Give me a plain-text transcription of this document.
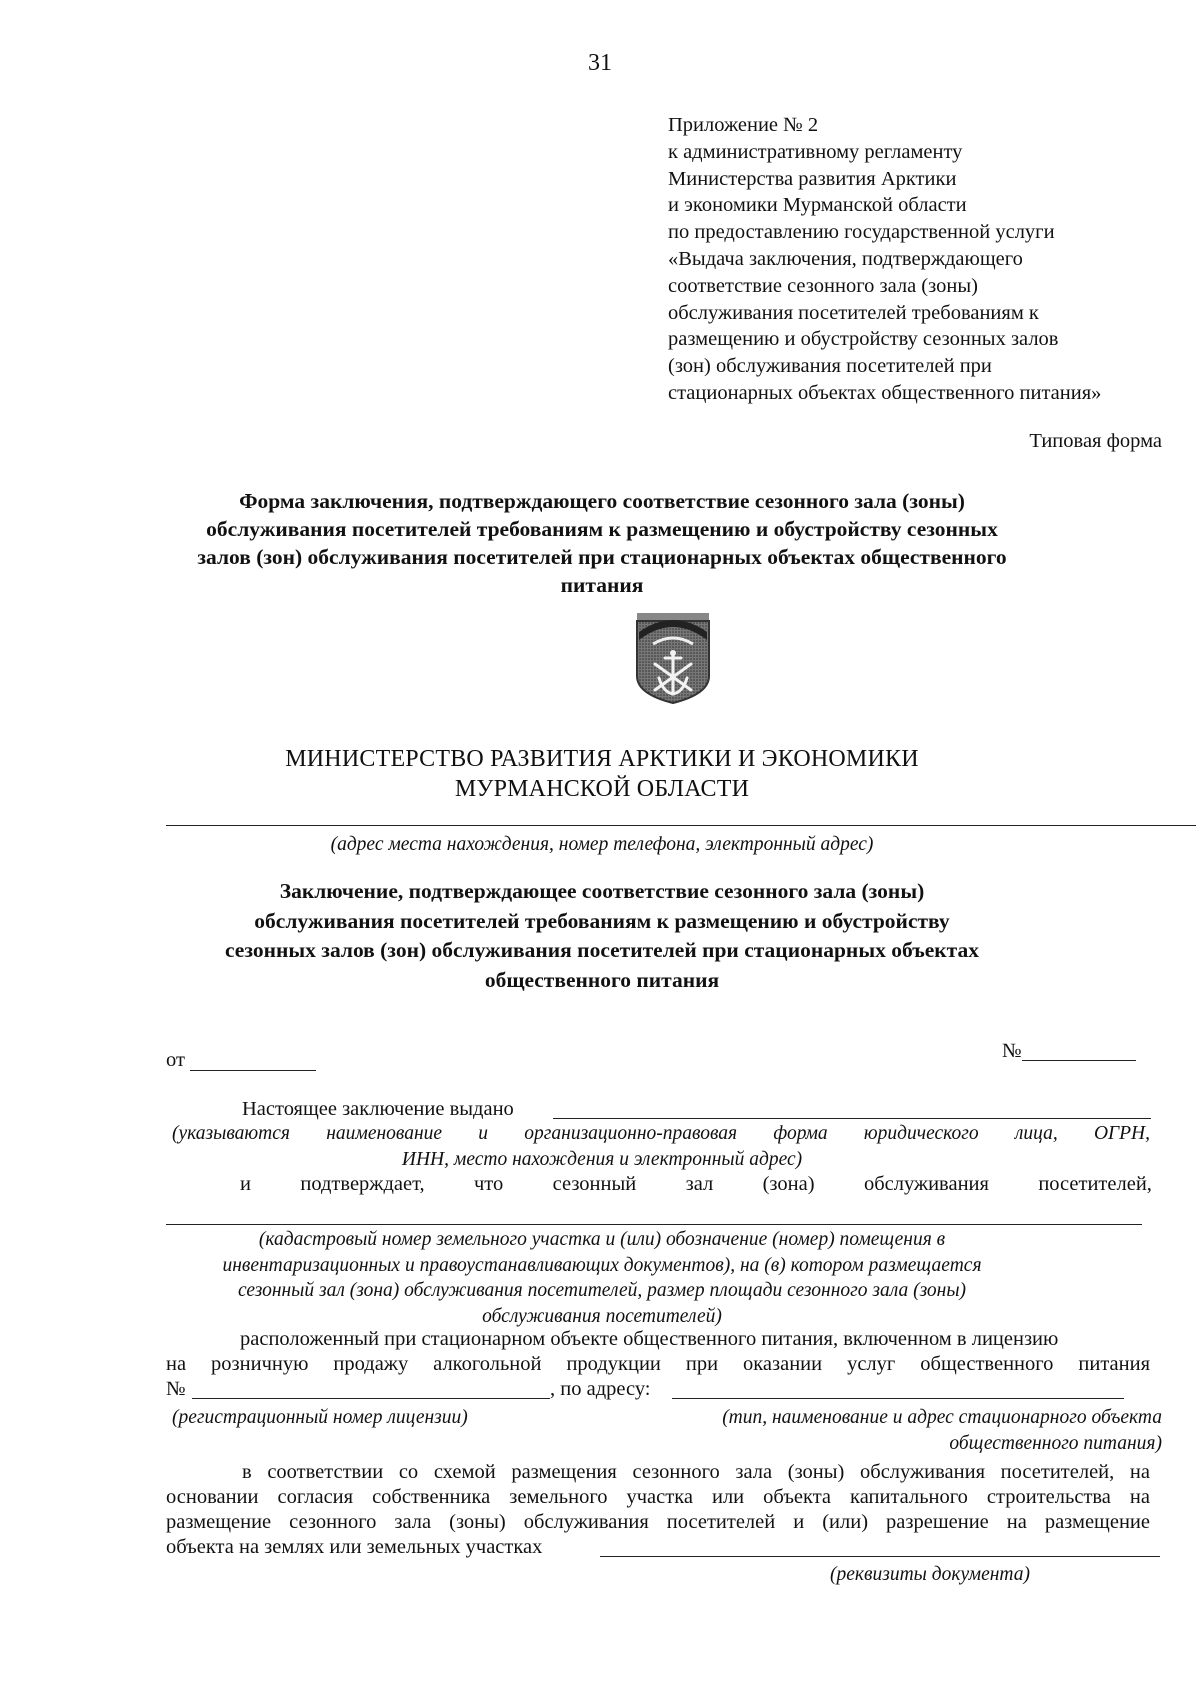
31
Приложение № 2
к административному регламенту
Министерства развития Арктики
и экономики Мурманской области
по предоставлению государственной услуги
«Выдача заключения, подтверждающего
соответствие сезонного зала (зоны)
обслуживания посетителей требованиям к
размещению и обустройству сезонных залов
(зон) обслуживания посетителей при
стационарных объектах общественного питания»
Типовая форма
Форма заключения, подтверждающего соответствие сезонного зала (зоны)
обслуживания посетителей требованиям к размещению и обустройству сезонных
залов (зон) обслуживания посетителей при стационарных объектах общественного
питания
МИНИСТЕРСТВО РАЗВИТИЯ АРКТИКИ И ЭКОНОМИКИ
МУРМАНСКОЙ ОБЛАСТИ
(адрес места нахождения, номер телефона, электронный адрес)
Заключение, подтверждающее соответствие сезонного зала (зоны)
обслуживания посетителей требованиям к размещению и обустройству
сезонных залов (зон) обслуживания посетителей при стационарных объектах
общественного питания
от	№
Настоящее заключение выдано
(указываются наименование и организационно-правовая форма юридического лица, ОГРН,
ИНН, место нахождения и электронный адрес)
и подтверждает, что сезонный зал (зона) обслуживания посетителей,
(кадастровый номер земельного участка и (или) обозначение (номер) помещения в
инвентаризационных и правоустанавливающих документов), на (в) котором размещается
сезонный зал (зона) обслуживания посетителей, размер площади сезонного зала (зоны)
обслуживания посетителей)
расположенный при стационарном объекте общественного питания, включенном в лицензию
на розничную продажу алкогольной продукции при оказании услуг общественного питания
№	, по адресу:
(регистрационный номер лицензии)	(тип, наименование и адрес стационарного объекта
общественного питания)
в соответствии со схемой размещения сезонного зала (зоны) обслуживания посетителей, на
основании согласия собственника земельного участка или объекта капитального строительства на
размещение сезонного зала (зоны) обслуживания посетителей и (или) разрешение на размещение
объекта на землях или земельных участках
(реквизиты документа)
